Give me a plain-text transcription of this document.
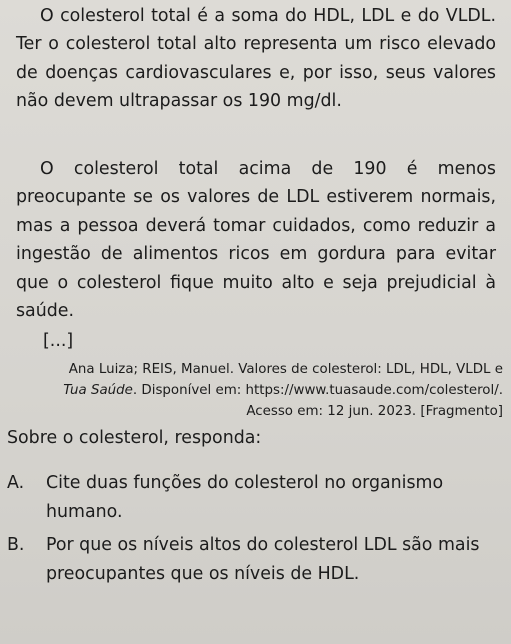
O colesterol total é a soma do HDL, LDL e do VLDL. Ter o colesterol total alto representa um risco elevado de doenças cardiovasculares e, por isso, seus valores não devem ultrapassar os 190 mg/dl.

O colesterol total acima de 190 é menos preocupante se os valores de LDL estiverem normais, mas a pessoa deverá tomar cuidados, como reduzir a ingestão de alimentos ricos em gordura para evitar que o colesterol fique muito alto e seja prejudicial à saúde.

[...]
Ana Luiza; REIS, Manuel. Valores de colesterol: LDL, HDL, VLDL e
Tua Saúde. Disponível em: https://www.tuasaude.com/colesterol/.
Acesso em: 12 jun. 2023. [Fragmento]
Sobre o colesterol, responda:
A. Cite duas funções do colesterol no organismo humano.
B. Por que os níveis altos do colesterol LDL são mais preocupantes que os níveis de HDL.
